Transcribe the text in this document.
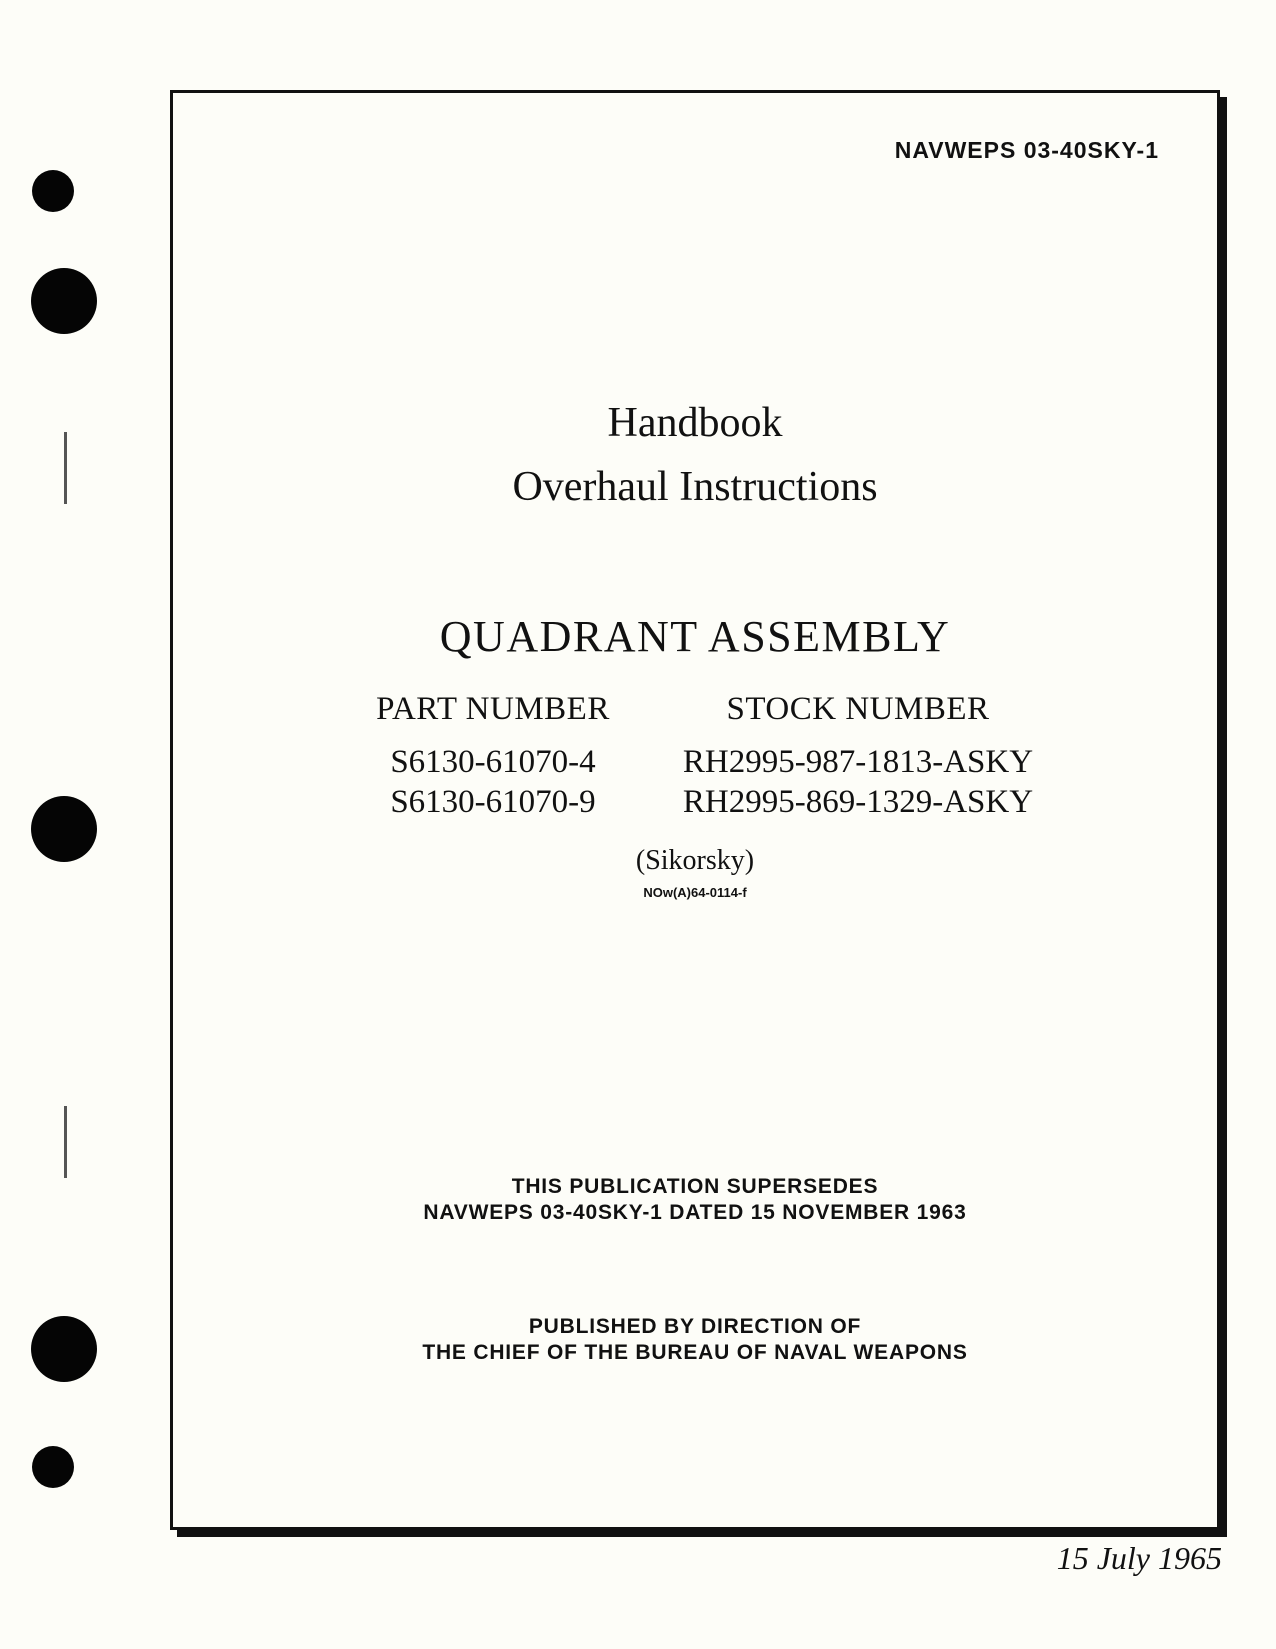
NAVWEPS 03-40SKY-1
Handbook
Overhaul Instructions
QUADRANT ASSEMBLY
PART NUMBER
S6130-61070-4
S6130-61070-9
STOCK NUMBER
RH2995-987-1813-ASKY
RH2995-869-1329-ASKY
(Sikorsky)
NOw(A)64-0114-f
THIS PUBLICATION SUPERSEDES
NAVWEPS 03-40SKY-1 DATED 15 NOVEMBER 1963
PUBLISHED BY DIRECTION OF
THE CHIEF OF THE BUREAU OF NAVAL WEAPONS
15 July 1965
